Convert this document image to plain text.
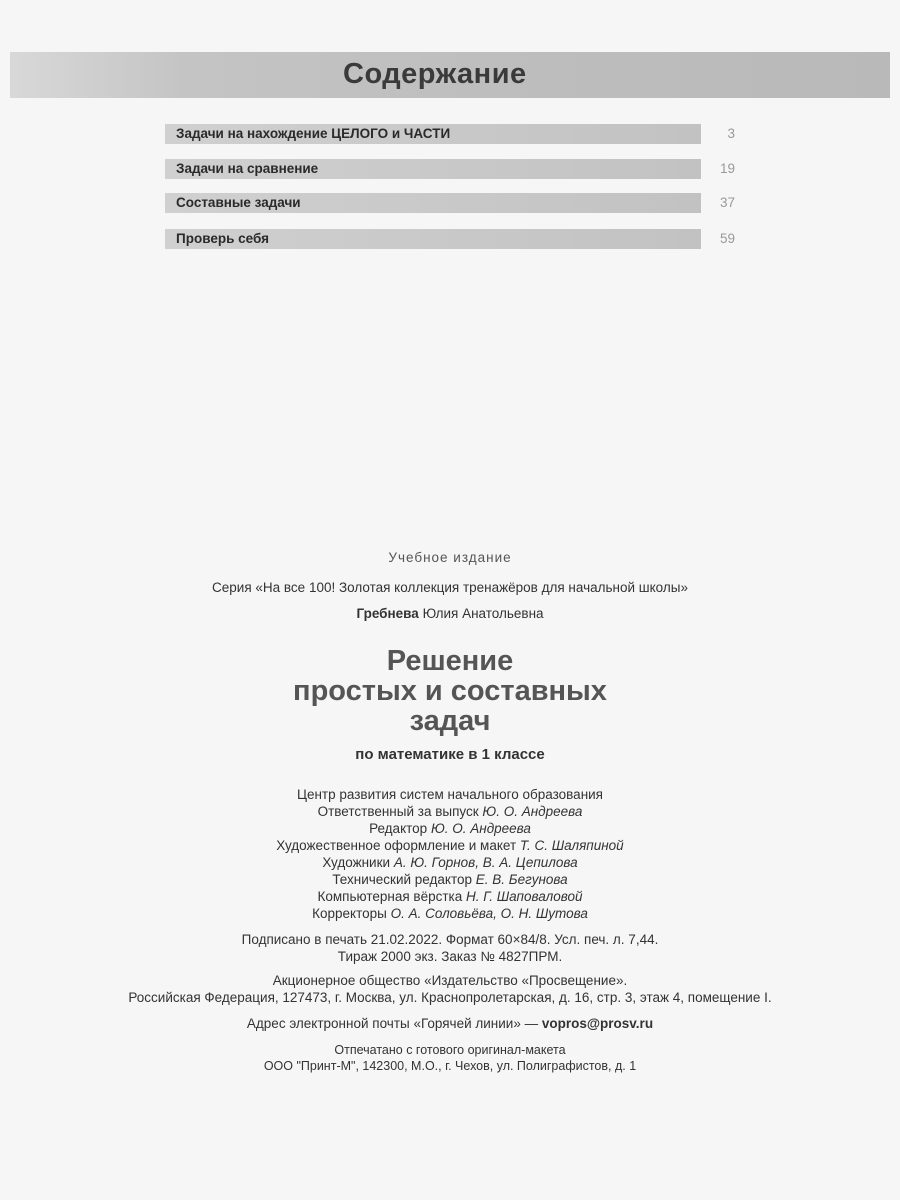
Содержание
Задачи на нахождение ЦЕЛОГО и ЧАСТИ	3
Задачи на сравнение	19
Составные задачи	37
Проверь себя	59
Учебное издание
Серия «На все 100! Золотая коллекция тренажёров для начальной школы»
Гребнева Юлия Анатольевна
Решение
простых и составных
задач
по математике в 1 классе
Центр развития систем начального образования
Ответственный за выпуск Ю. О. Андреева
Редактор Ю. О. Андреева
Художественное оформление и макет Т. С. Шаляпиной
Художники А. Ю. Горнов, В. А. Цепилова
Технический редактор Е. В. Бегунова
Компьютерная вёрстка Н. Г. Шаповаловой
Корректоры О. А. Соловьёва, О. Н. Шутова
Подписано в печать 21.02.2022. Формат 60×84/8. Усл. печ. л. 7,44.
Тираж 2000 экз. Заказ № 4827ПРМ.
Акционерное общество «Издательство «Просвещение».
Российская Федерация, 127473, г. Москва, ул. Краснопролетарская, д. 16, стр. 3, этаж 4, помещение I.
Адрес электронной почты «Горячей линии» — vopros@prosv.ru
Отпечатано с готового оригинал-макета
ООО "Принт-М", 142300, М.О., г. Чехов, ул. Полиграфистов, д. 1
